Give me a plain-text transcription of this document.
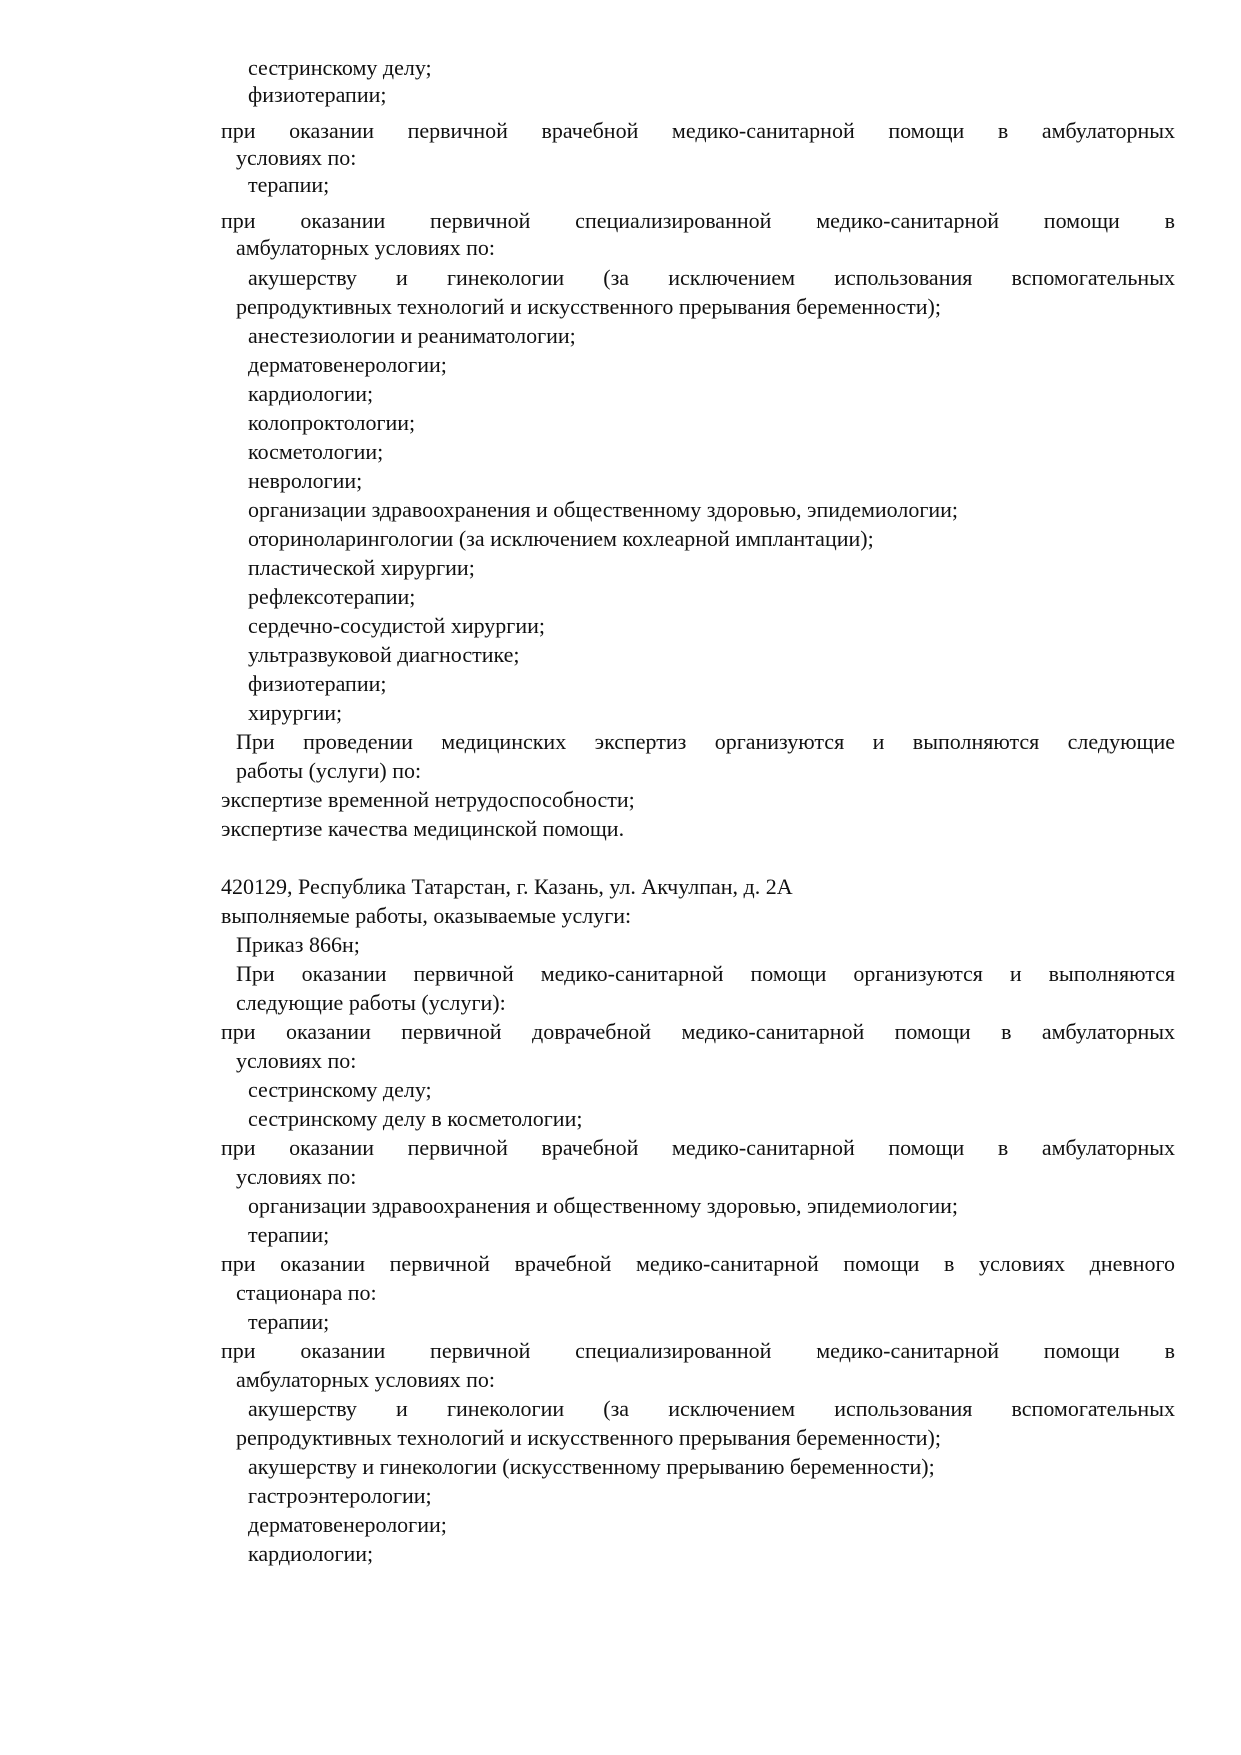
сестринскому делу;
физиотерапии;
при оказании первичной врачебной медико-санитарной помощи в амбулаторных
условиях по:
терапии;
при оказании первичной специализированной медико-санитарной помощи в
амбулаторных условиях по:
акушерству и гинекологии (за исключением использования вспомогательных
репродуктивных технологий и искусственного прерывания беременности);
анестезиологии и реаниматологии;
дерматовенерологии;
кардиологии;
колопроктологии;
косметологии;
неврологии;
организации здравоохранения и общественному здоровью, эпидемиологии;
оториноларингологии (за исключением кохлеарной имплантации);
пластической хирургии;
рефлексотерапии;
сердечно-сосудистой хирургии;
ультразвуковой диагностике;
физиотерапии;
хирургии;
При проведении медицинских экспертиз организуются и выполняются следующие
работы (услуги) по:
экспертизе временной нетрудоспособности;
экспертизе качества медицинской помощи.
420129, Республика Татарстан, г. Казань, ул. Акчулпан, д. 2А
выполняемые работы, оказываемые услуги:
Приказ 866н;
При оказании первичной медико-санитарной помощи организуются и выполняются
следующие работы (услуги):
при оказании первичной доврачебной медико-санитарной помощи в амбулаторных
условиях по:
сестринскому делу;
сестринскому делу в косметологии;
при оказании первичной врачебной медико-санитарной помощи в амбулаторных
условиях по:
организации здравоохранения и общественному здоровью, эпидемиологии;
терапии;
при оказании первичной врачебной медико-санитарной помощи в условиях дневного
стационара по:
терапии;
при оказании первичной специализированной медико-санитарной помощи в
амбулаторных условиях по:
акушерству и гинекологии (за исключением использования вспомогательных
репродуктивных технологий и искусственного прерывания беременности);
акушерству и гинекологии (искусственному прерыванию беременности);
гастроэнтерологии;
дерматовенерологии;
кардиологии;
